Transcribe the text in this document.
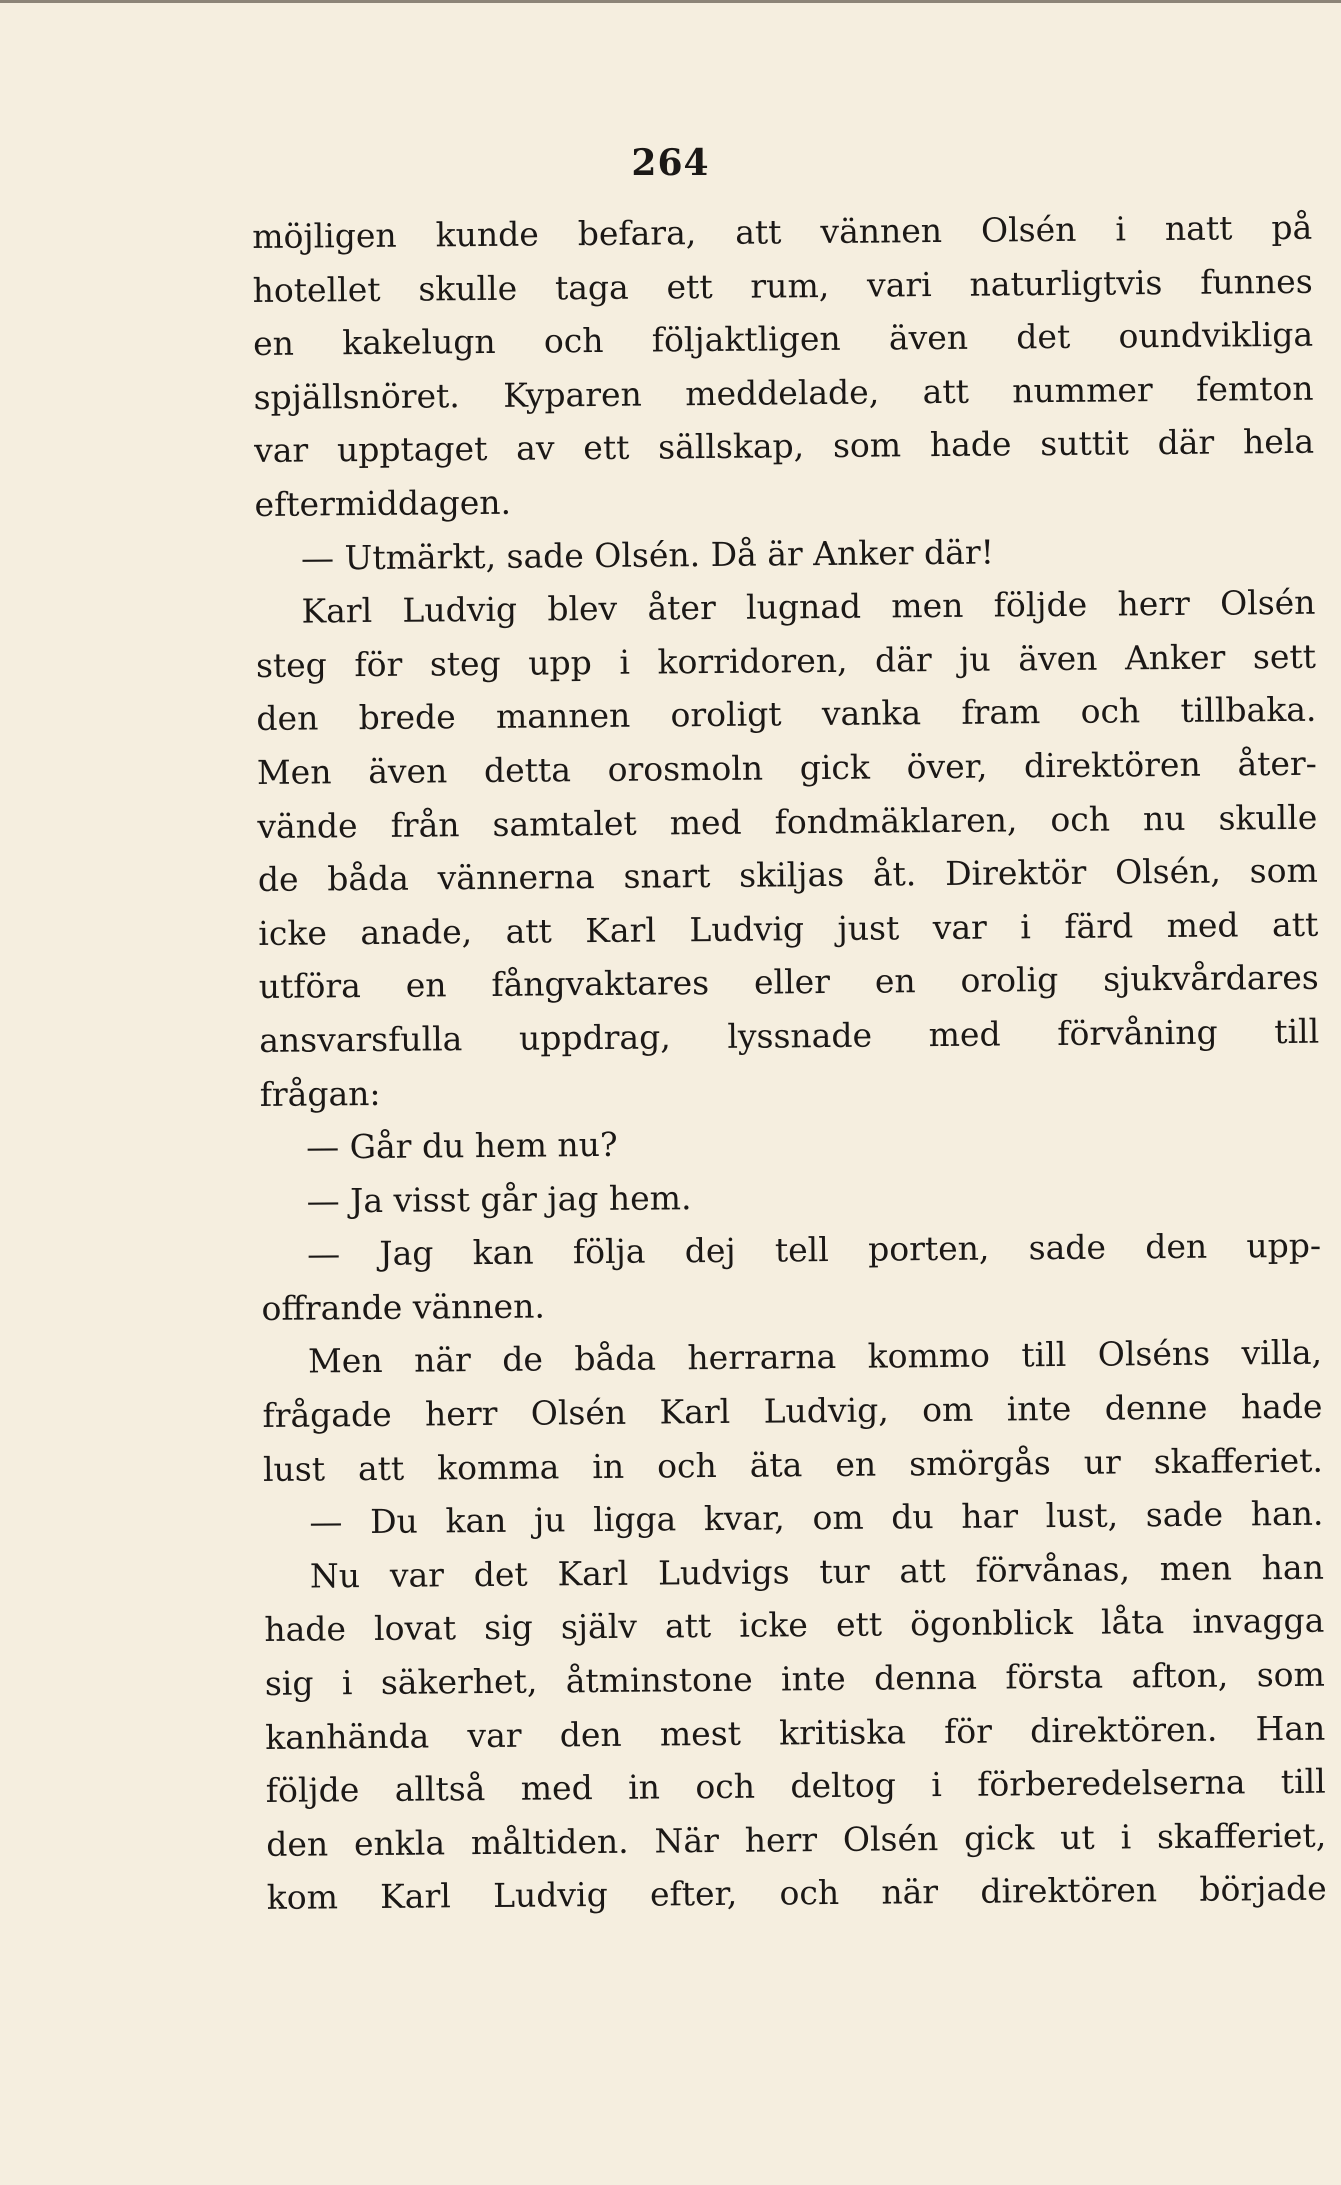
264
möjligen kunde befara, att vännen Olsén i natt på
hotellet skulle taga ett rum, vari naturligtvis funnes
en kakelugn och följaktligen även det oundvikliga
spjällsnöret. Kyparen meddelade, att nummer femton
var upptaget av ett sällskap, som hade suttit där hela
eftermiddagen.
— Utmärkt, sade Olsén. Då är Anker där!
Karl Ludvig blev åter lugnad men följde herr Olsén
steg för steg upp i korridoren, där ju även Anker sett
den brede mannen oroligt vanka fram och tillbaka.
Men även detta orosmoln gick över, direktören åter-
vände från samtalet med fondmäklaren, och nu skulle
de båda vännerna snart skiljas åt. Direktör Olsén, som
icke anade, att Karl Ludvig just var i färd med att
utföra en fångvaktares eller en orolig sjukvårdares
ansvarsfulla uppdrag, lyssnade med förvåning till
frågan:
— Går du hem nu?
— Ja visst går jag hem.
— Jag kan följa dej tell porten, sade den upp-
offrande vännen.
Men när de båda herrarna kommo till Olséns villa,
frågade herr Olsén Karl Ludvig, om inte denne hade
lust att komma in och äta en smörgås ur skafferiet.
— Du kan ju ligga kvar, om du har lust, sade han.
Nu var det Karl Ludvigs tur att förvånas, men han
hade lovat sig själv att icke ett ögonblick låta invagga
sig i säkerhet, åtminstone inte denna första afton, som
kanhända var den mest kritiska för direktören. Han
följde alltså med in och deltog i förberedelserna till
den enkla måltiden. När herr Olsén gick ut i skafferiet,
kom Karl Ludvig efter, och när direktören började
